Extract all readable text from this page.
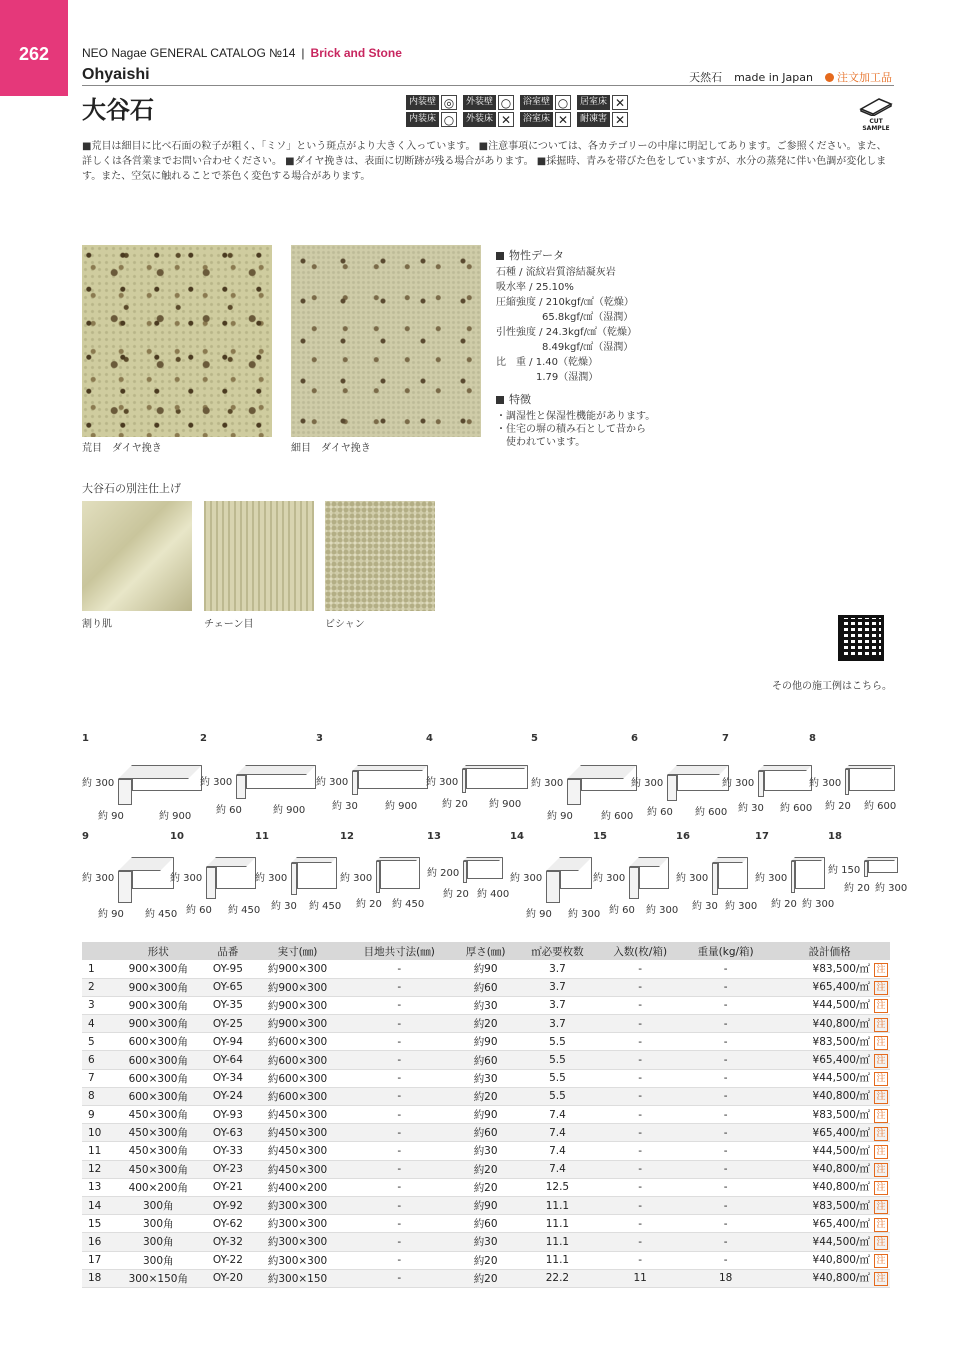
262	NEO Nagae GENERAL CATALOG №14 | Brick and Stone
Ohyaishi	天然石 made in Japan 注文加工品
大谷石	内装壁 ◎	外装壁 ○	浴室壁 ○	居室床 ✕
内装床 ○	外装床 ✕	浴室床 ✕	耐凍害 ✕	CUT SAMPLE
■荒目は細目に比べ石面の粒子が粗く、「ミソ」という斑点がより大きく入っています。 ■注意事項については、各カテゴリーの中扉に明記してあります。ご参照ください。また、詳しくは各営業までお問い合わせください。 ■ダイヤ挽きは、表面に切断跡が残る場合があります。 ■採掘時、青みを帯びた色をしていますが、水分の蒸発に伴い色調が変化します。また、空気に触れることで茶色く変色する場合があります。
荒目　ダイヤ挽き	細目　ダイヤ挽き
物性データ
石種 / 流紋岩質溶結凝灰岩
吸水率 / 25.10%
圧縮強度 / 210kgf/㎠（乾燥）
65.8kgf/㎠（湿潤）
引性強度 / 24.3kgf/㎠（乾燥）
8.49kgf/㎠（湿潤）
比　重 / 1.40（乾燥）
1.79（湿潤）
特徴
・調湿性と保湿性機能があります。
・住宅の塀の積み石として昔から
　使われています。
大谷石の別注仕上げ
割り肌	チェーン目	ビシャン
その他の施工例はこちら。
1
約 300
約 90	約 900
2
約 300
約 60	約 900
3
約 300
約 30	約 900
4
約 300
約 20 約 900
5
約 300
約 90	約 600
6
約 300
約 60 約 600
7
約 300
約 30 約 600
8
約 300
約 20 約 600
9
約 300
約 90 約 450
10
約 300
約 60 約 450
11
約 300
約 30 約 450
12
約 300
約 20 約 450
13
約 200
約 20 約 400
14
約 300
約 90 約 300
15
約 300
約 60 約 300
16
約 300
約 30 約 300
17
約 300
約 20 約 300
18
約 150
約 20 約 300
	形状	品番	実寸(㎜)	目地共寸法(㎜)	厚さ(㎜)	㎡必要枚数	入数(枚/箱)	重量(kg/箱)	設計価格
1	900×300角	OY-95	約900×300	-	約90	3.7	-	-	¥83,500/㎡ 注
2	900×300角	OY-65	約900×300	-	約60	3.7	-	-	¥65,400/㎡ 注
3	900×300角	OY-35	約900×300	-	約30	3.7	-	-	¥44,500/㎡ 注
4	900×300角	OY-25	約900×300	-	約20	3.7	-	-	¥40,800/㎡ 注
5	600×300角	OY-94	約600×300	-	約90	5.5	-	-	¥83,500/㎡ 注
6	600×300角	OY-64	約600×300	-	約60	5.5	-	-	¥65,400/㎡ 注
7	600×300角	OY-34	約600×300	-	約30	5.5	-	-	¥44,500/㎡ 注
8	600×300角	OY-24	約600×300	-	約20	5.5	-	-	¥40,800/㎡ 注
9	450×300角	OY-93	約450×300	-	約90	7.4	-	-	¥83,500/㎡ 注
10	450×300角	OY-63	約450×300	-	約60	7.4	-	-	¥65,400/㎡ 注
11	450×300角	OY-33	約450×300	-	約30	7.4	-	-	¥44,500/㎡ 注
12	450×300角	OY-23	約450×300	-	約20	7.4	-	-	¥40,800/㎡ 注
13	400×200角	OY-21	約400×200	-	約20	12.5	-	-	¥40,800/㎡ 注
14	300角	OY-92	約300×300	-	約90	11.1	-	-	¥83,500/㎡ 注
15	300角	OY-62	約300×300	-	約60	11.1	-	-	¥65,400/㎡ 注
16	300角	OY-32	約300×300	-	約30	11.1	-	-	¥44,500/㎡ 注
17	300角	OY-22	約300×300	-	約20	11.1	-	-	¥40,800/㎡ 注
18	300×150角	OY-20	約300×150	-	約20	22.2	11	18	¥40,800/㎡ 注
